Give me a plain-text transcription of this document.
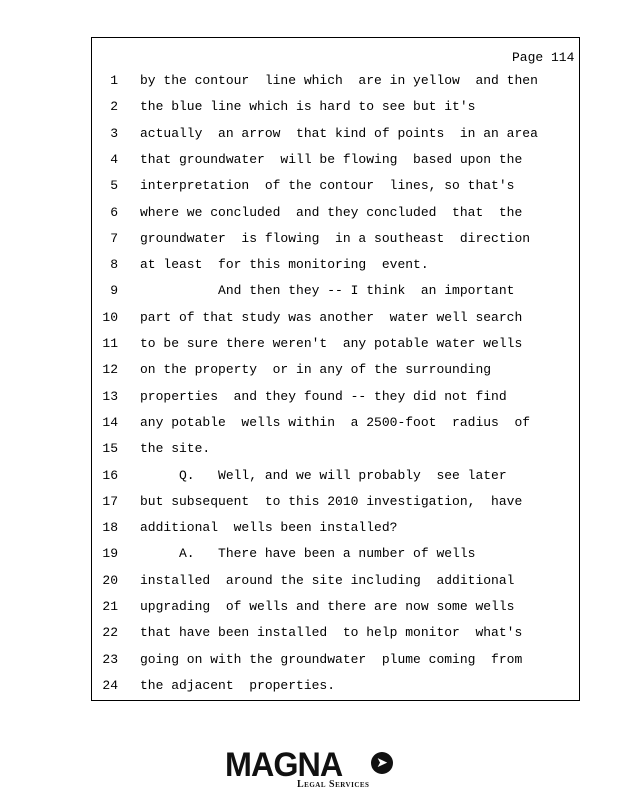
Page 114
1 by the contour  line which  are in yellow  and then
2 the blue line which is hard to see but it's
3 actually  an arrow  that kind of points  in an area
4 that groundwater  will be flowing  based upon the
5 interpretation  of the contour  lines, so that's
6 where we concluded  and they concluded  that  the
7 groundwater  is flowing  in a southeast  direction
8 at least  for this monitoring  event.
9 And then they -- I think  an important
10 part of that study was another  water well search
11 to be sure there weren't  any potable water wells
12 on the property  or in any of the surrounding
13 properties  and they found -- they did not find
14 any potable  wells within  a 2500-foot  radius  of
15 the site.
16 Q.   Well, and we will probably  see later
17 but subsequent  to this 2010 investigation,  have
18 additional  wells been installed?
19 A.   There have been a number of wells
20 installed  around the site including  additional
21 upgrading  of wells and there are now some wells
22 that have been installed  to help monitor  what's
23 going on with the groundwater  plume coming  from
24 the adjacent  properties.
MAGNA	➤
Legal Services
